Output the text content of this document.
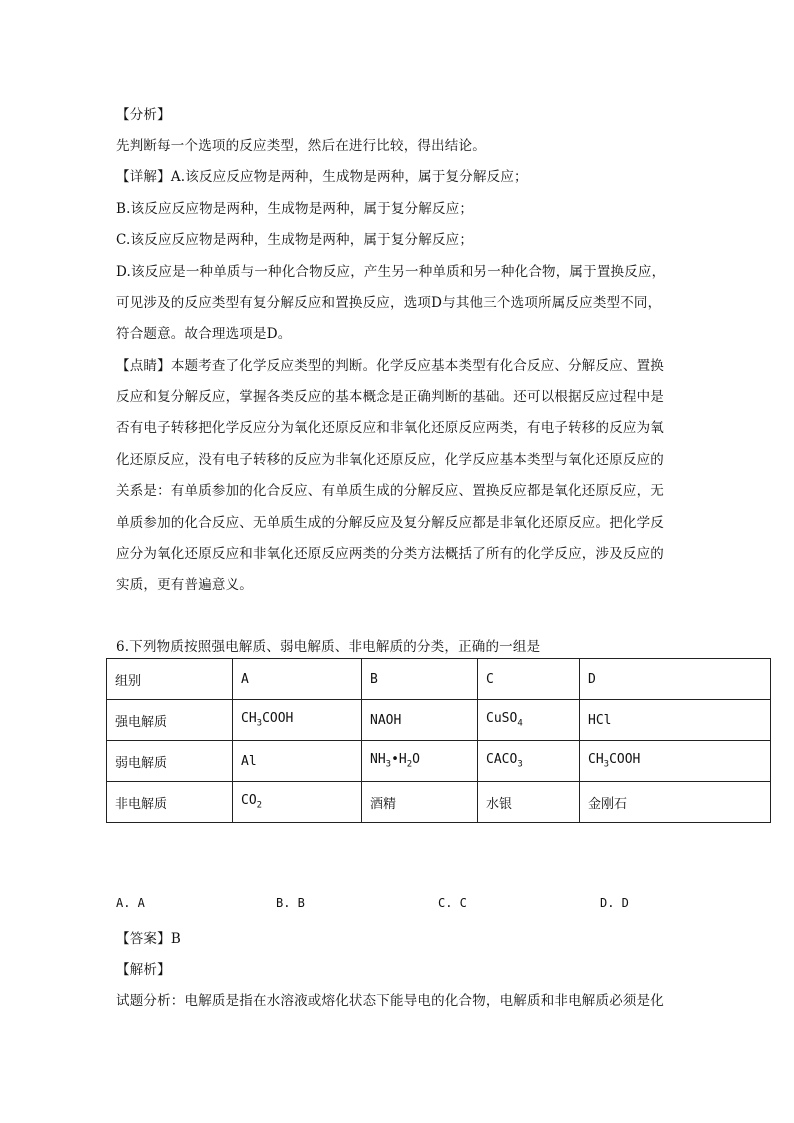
【分析】
先判断每一个选项的反应类型，然后在进行比较，得出结论。
【详解】A.该反应反应物是两种，生成物是两种，属于复分解反应；
B.该反应反应物是两种，生成物是两种，属于复分解反应；
C.该反应反应物是两种，生成物是两种，属于复分解反应；
D.该反应是一种单质与一种化合物反应，产生另一种单质和另一种化合物，属于置换反应，
可见涉及的反应类型有复分解反应和置换反应，选项D与其他三个选项所属反应类型不同，
符合题意。故合理选项是D。
【点睛】本题考查了化学反应类型的判断。化学反应基本类型有化合反应、分解反应、置换
反应和复分解反应，掌握各类反应的基本概念是正确判断的基础。还可以根据反应过程中是
否有电子转移把化学反应分为氧化还原反应和非氧化还原反应两类，有电子转移的反应为氧
化还原反应，没有电子转移的反应为非氧化还原反应，化学反应基本类型与氧化还原反应的
关系是：有单质参加的化合反应、有单质生成的分解反应、置换反应都是氧化还原反应，无
单质参加的化合反应、无单质生成的分解反应及复分解反应都是非氧化还原反应。把化学反
应分为氧化还原反应和非氧化还原反应两类的分类方法概括了所有的化学反应，涉及反应的
实质，更有普遍意义。
6.下列物质按照强电解质、弱电解质、非电解质的分类，正确的一组是
组别	A	B	C	D
强电解质	$CH_3COOH$	NAOH	CuSO$_4$	HCl
弱电解质	Al	$NH_3•H_2O$	$CACO_3$	$CH_3COOH$
非电解质	$CO_2$	酒精	水银	金刚石
A. A	B. B	C. C	D. D
【答案】B
【解析】
试题分析：电解质是指在水溶液或熔化状态下能导电的化合物，电解质和非电解质必须是化
